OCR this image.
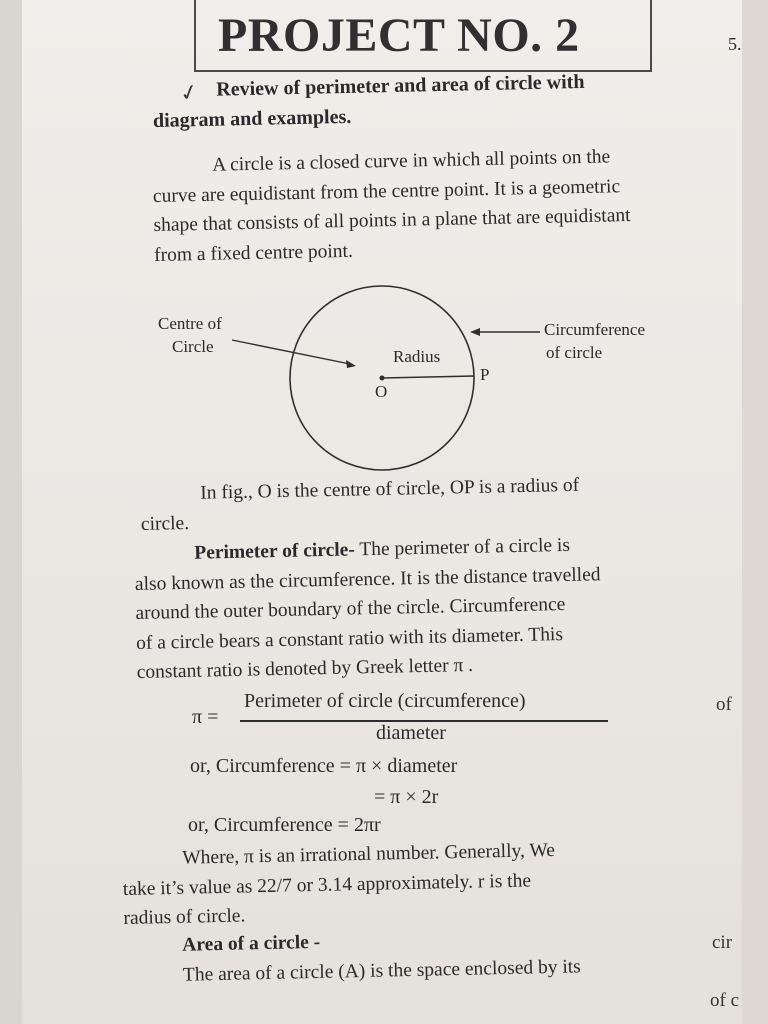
PROJECT NO. 2	5.
✓ Review of perimeter and area of circle with
diagram and examples.
A circle is a closed curve in which all points on the
curve are equidistant from the centre point. It is a geometric
shape that consists of all points in a plane that are equidistant
from a fixed centre point.
Centre of
Circle
Radius
O
P
Circumference
of circle
In fig., O is the centre of circle, OP is a radius of
circle.
Perimeter of circle- The perimeter of a circle is
also known as the circumference. It is the distance travelled
around the outer boundary of the circle. Circumference
of a circle bears a constant ratio with its diameter. This
constant ratio is denoted by Greek letter π .
π =
Perimeter of circle (circumference)
diameter
or, Circumference = π × diameter
= π × 2r
or, Circumference = 2πr
Where, π is an irrational number. Generally, We
take it’s value as 22/7 or 3.14 approximately. r is the
radius of circle.
Area of a circle -
The area of a circle (A) is the space enclosed by its
of
cir
of c
